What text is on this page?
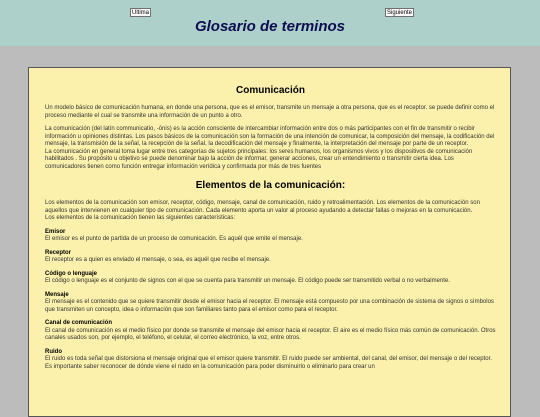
Ultima	Siguiente
Glosario de terminos
Comunicación

Un modelo básico de comunicación humana, en donde una persona, que es el emisor, transmite un mensaje a otra persona, que es el receptor. se puede definir como el proceso mediante el cual se transmite una información de un punto a otro.

La comunicación (del latín communicatio, -ōnis) es la acción consciente de intercambiar información entre dos o más participantes con el fin de transmitir o recibir información u opiniones distintas. Los pasos básicos de la comunicación son la formación de una intención de comunicar, la composición del mensaje, la codificación del mensaje, la transmisión de la señal, la recepción de la señal, la decodificación del mensaje y finalmente, la interpretación del mensaje por parte de un receptor.
La comunicación en general toma lugar entre tres categorías de sujetos principales: los seres humanos, los organismos vivos y los dispositivos de comunicación habilitados . Su propósito u objetivo se puede denominar bajo la acción de informar, generar acciones, crear un entendimiento o transmitir cierta idea. Los comunicadores tienen como función entregar información verídica y confirmada por más de tres fuentes

Elementos de la comunicación:
Los elementos de la comunicación son emisor, receptor, código, mensaje, canal de comunicación, ruido y retroalimentación. Los elementos de la comunicación son aquellos que intervienen en cualquier tipo de comunicación. Cada elemento aporta un valor al proceso ayudando a detectar fallas o mejoras en la comunicación.
Los elementos de la comunicación tienen las siguientes características:
Emisor
El emisor es el punto de partida de un proceso de comunicación. Es aquél que emite el mensaje.
Receptor
El receptor es a quien es enviado el mensaje, o sea, es aquél que recibe el mensaje.
Código o lenguaje
El código o lenguaje es el conjunto de signos con el que se cuenta para transmitir un mensaje. El código puede ser transmitido verbal o no verbalmente.
Mensaje
El mensaje es el contenido que se quiere transmitir desde el emisor hacia el receptor. El mensaje está compuesto por una combinación de sistema de signos o símbolos que transmiten un concepto, idea o información que son familiares tanto para el emisor como para el receptor.
Canal de comunicación
El canal de comunicación es el medio físico por donde se transmite el mensaje del emisor hacia el receptor. El aire es el medio físico más común de comunicación. Otros canales usados son, por ejemplo, el teléfono, el celular, el correo electrónico, la voz, entre otros.
Ruido
El ruido es toda señal que distorsiona el mensaje original que el emisor quiere transmitir. El ruido puede ser ambiental, del canal, del emisor, del mensaje o del receptor. Es importante saber reconocer de dónde viene el ruido en la comunicación para poder disminuirlo o eliminarlo para crear un
